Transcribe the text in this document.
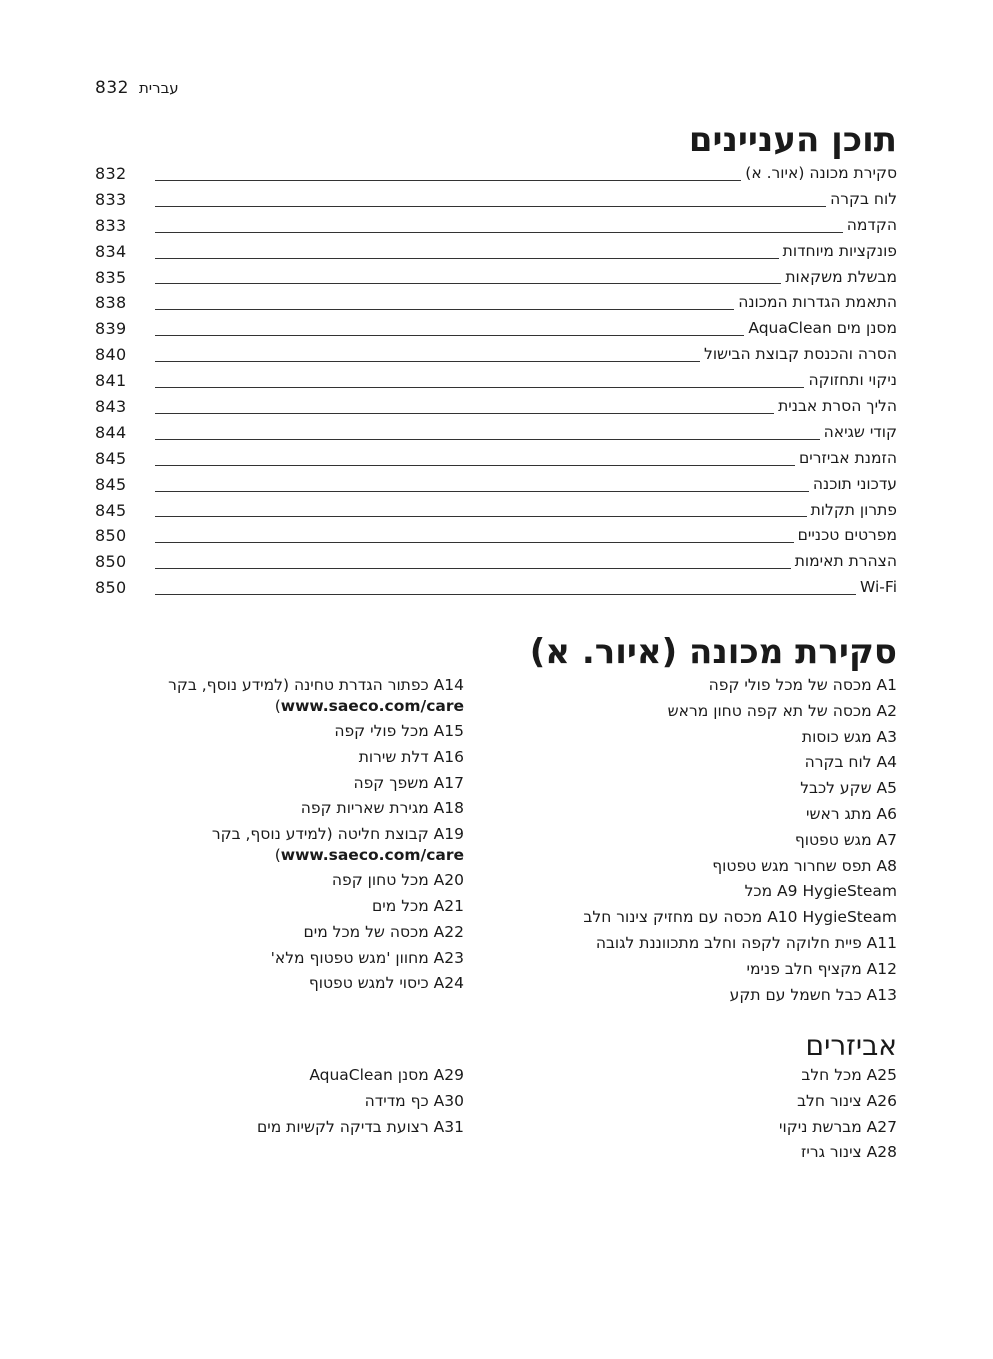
832 עברית
תוכן העניינים
סקירת מכונה (איור. א)
832
לוח בקרה
833
הקדמה
833
פונקציות מיוחדות
834
מבשלת משקאות
835
התאמת הגדרות המכונה
838
מסנן מים AquaClean
839
הסרה והכנסת קבוצת הבישול
840
ניקוי ותחזוקה
841
הליך הסרת אבנית
843
קודי שגיאה
844
הזמנת אביזרים
845
עדכוני תוכנה
845
פתרון תקלות
845
מפרטים טכניים
850
הצהרת תאימות
850
Wi-Fi
850
סקירת מכונה (איור. א)
A1 מכסה של מכל פולי קפה
A2 מכסה של תא קפה טחון מראש
A3 מגש כוסות
A4 לוח בקרה
A5 שקע לכבל
A6 מתג ראשי
A7 מגש טפטוף
A8 תפס שחרור מגש טפטוף
A9 HygieSteam מכל
A10 HygieSteam מכסה עם מחזיק צינור חלב
A11 פיית חלוקה לקפה וחלב מתכווננת לגובה
A12 מקציף חלב פנימי
A13 כבל חשמל עם תקע
A14 כפתור הגדרת טחינה (למידע נוסף, בקר
www.saeco.com/care)
A15 מכל פולי קפה
A16 דלת שירות
A17 משפך קפה
A18 מגירת שאריות קפה
A19 קבוצת חליטה (למידע נוסף, בקר
www.saeco.com/care)
A20 מכל טחון קפה
A21 מכל מים
A22 מכסה של מכל מים
A23 מחוון 'מגש טפטוף מלא'
A24 כיסוי למגש טפטוף
אביזרים
A25 מכל חלב
A26 צינור חלב
A27 מברשת ניקוי
A28 צינור גריז
A29 מסנן AquaClean
A30 כף מדידה
A31 רצועת בדיקה לקשיות מים
